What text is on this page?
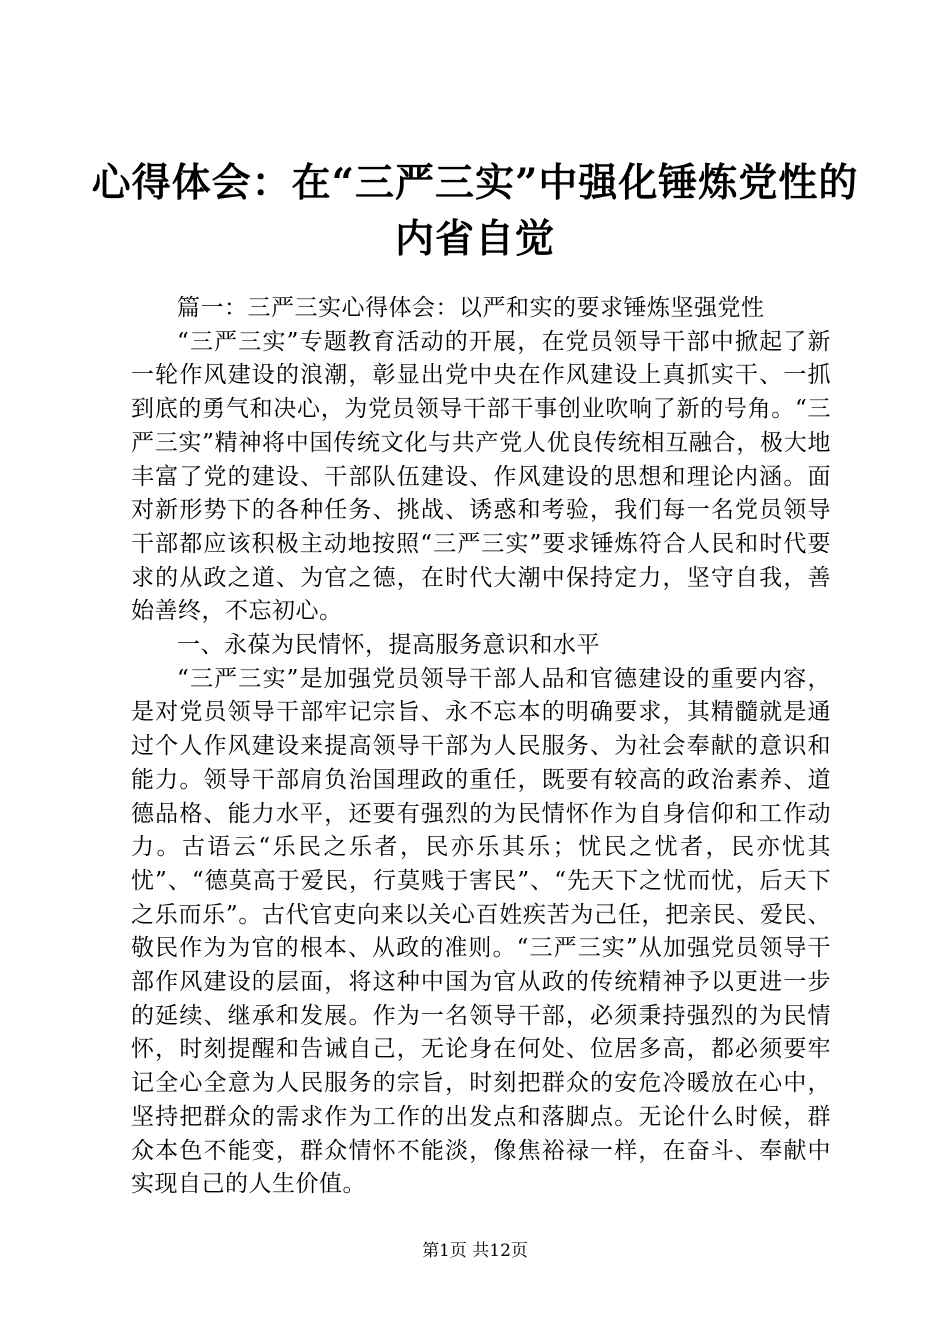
心得体会：在“三严三实”中强化锤炼党性的
内省自觉

篇一：三严三实心得体会：以严和实的要求锤炼坚强党性

“三严三实”专题教育活动的开展，在党员领导干部中掀起了新一轮作风建设的浪潮，彰显出党中央在作风建设上真抓实干、一抓到底的勇气和决心，为党员领导干部干事创业吹响了新的号角。“三严三实”精神将中国传统文化与共产党人优良传统相互融合，极大地丰富了党的建设、干部队伍建设、作风建设的思想和理论内涵。面对新形势下的各种任务、挑战、诱惑和考验，我们每一名党员领导干部都应该积极主动地按照“三严三实”要求锤炼符合人民和时代要求的从政之道、为官之德，在时代大潮中保持定力，坚守自我，善始善终，不忘初心。

一、永葆为民情怀，提高服务意识和水平

“三严三实”是加强党员领导干部人品和官德建设的重要内容，是对党员领导干部牢记宗旨、永不忘本的明确要求，其精髓就是通过个人作风建设来提高领导干部为人民服务、为社会奉献的意识和能力。领导干部肩负治国理政的重任，既要有较高的政治素养、道德品格、能力水平，还要有强烈的为民情怀作为自身信仰和工作动力。古语云“乐民之乐者，民亦乐其乐；忧民之忧者，民亦忧其忧”、“德莫高于爱民，行莫贱于害民”、“先天下之忧而忧，后天下之乐而乐”。古代官吏向来以关心百姓疾苦为己任，把亲民、爱民、敬民作为为官的根本、从政的准则。“三严三实”从加强党员领导干部作风建设的层面，将这种中国为官从政的传统精神予以更进一步的延续、继承和发展。作为一名领导干部，必须秉持强烈的为民情怀，时刻提醒和告诫自己，无论身在何处、位居多高，都必须要牢记全心全意为人民服务的宗旨，时刻把群众的安危冷暖放在心中，坚持把群众的需求作为工作的出发点和落脚点。无论什么时候，群众本色不能变，群众情怀不能淡，像焦裕禄一样，在奋斗、奉献中实现自己的人生价值。

第1页 共12页
